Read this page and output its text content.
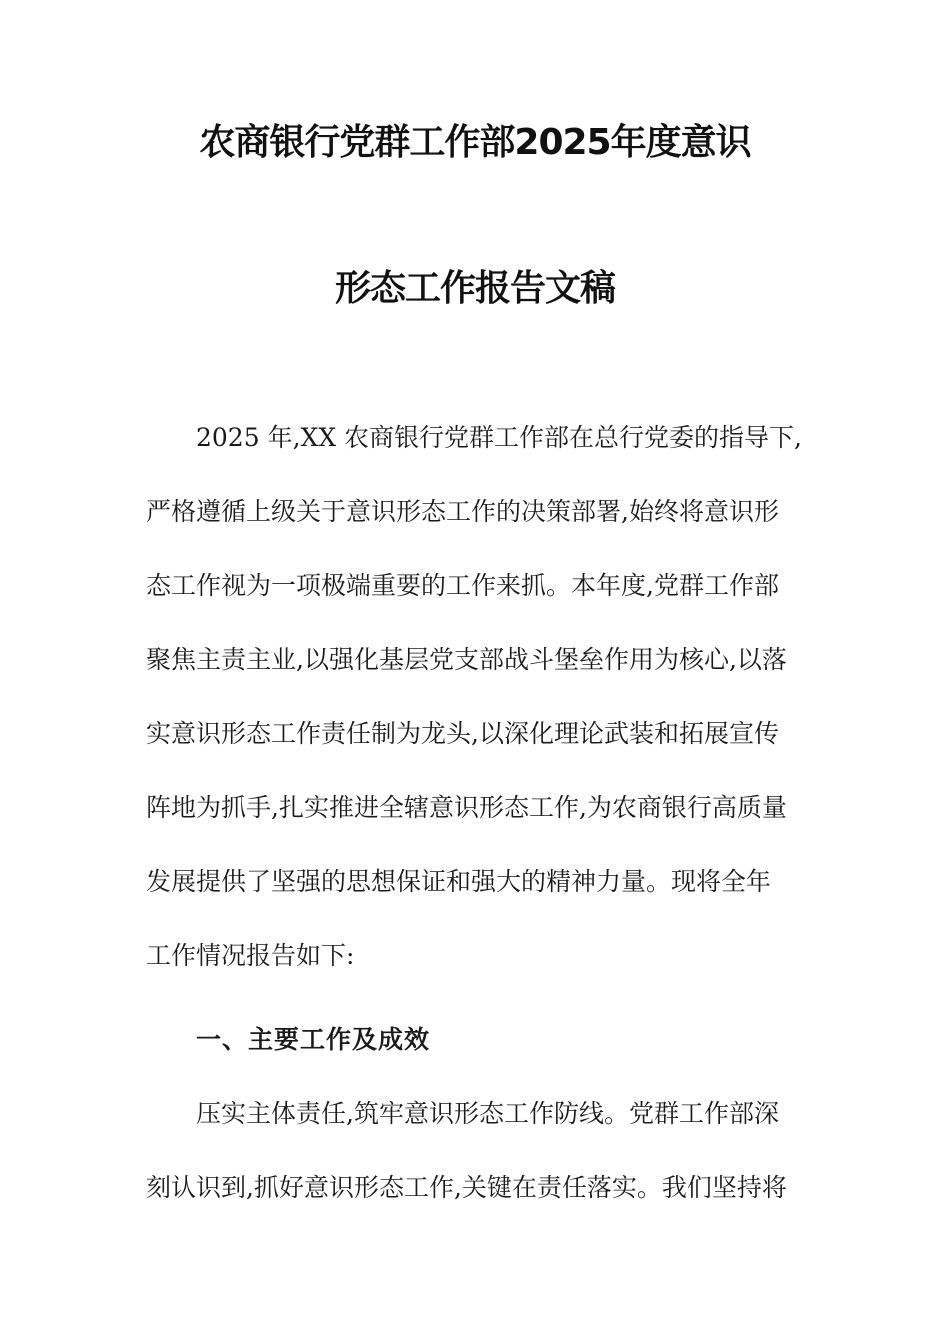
农商银行党群工作部2025年度意识
形态工作报告文稿
2025 年,XX 农商银行党群工作部在总行党委的指导下,
严格遵循上级关于意识形态工作的决策部署,始终将意识形
态工作视为一项极端重要的工作来抓。本年度,党群工作部
聚焦主责主业,以强化基层党支部战斗堡垒作用为核心,以落
实意识形态工作责任制为龙头,以深化理论武装和拓展宣传
阵地为抓手,扎实推进全辖意识形态工作,为农商银行高质量
发展提供了坚强的思想保证和强大的精神力量。现将全年
工作情况报告如下:
一、主要工作及成效
压实主体责任,筑牢意识形态工作防线。党群工作部深
刻认识到,抓好意识形态工作,关键在责任落实。我们坚持将
